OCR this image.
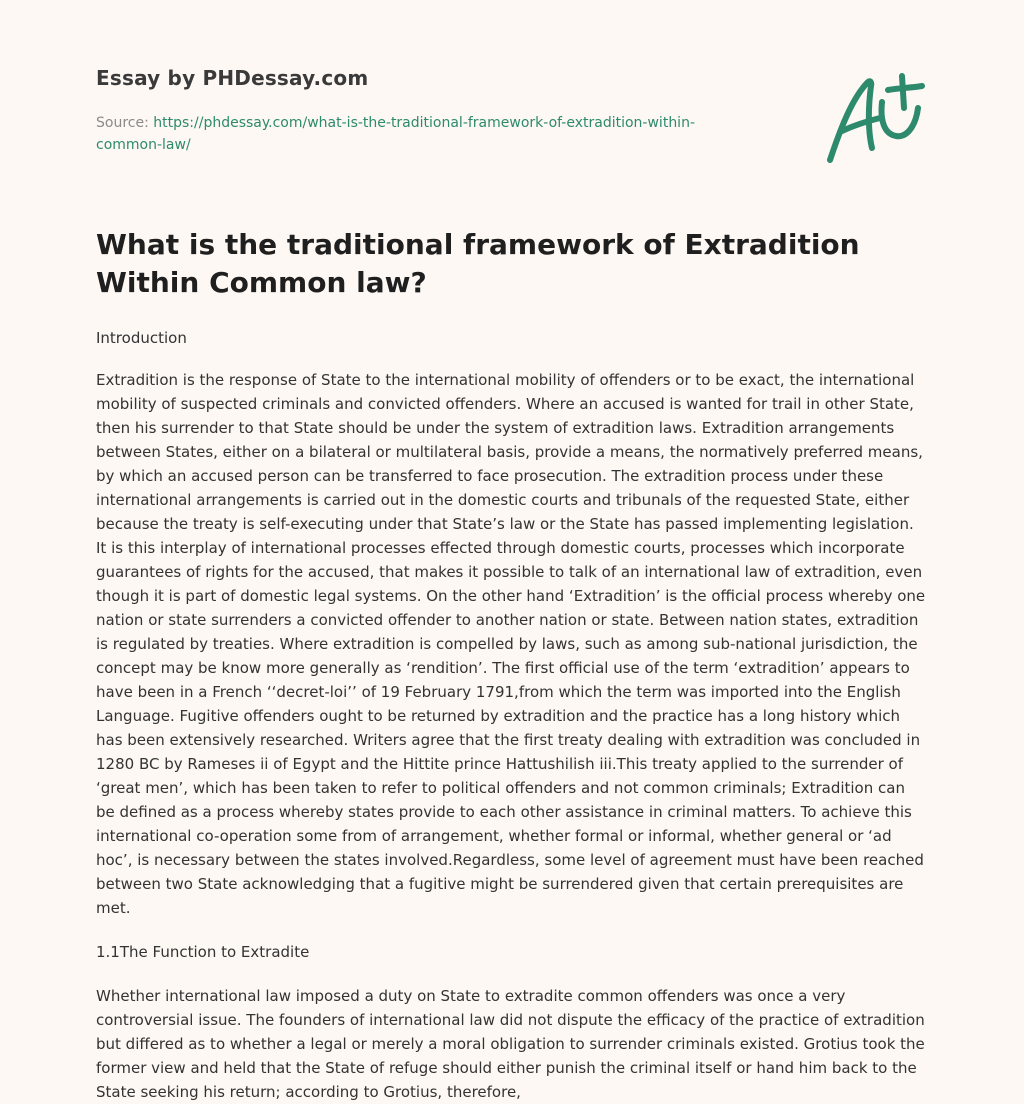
Essay by PHDessay.com
Source: https://phdessay.com/what-is-the-traditional-framework-of-extradition-within-common-law/
What is the traditional framework of Extradition Within Common law?

Introduction

Extradition is the response of State to the international mobility of offenders or to be exact, the international mobility of suspected criminals and convicted offenders. Where an accused is wanted for trail in other State, then his surrender to that State should be under the system of extradition laws. Extradition arrangements between States, either on a bilateral or multilateral basis, provide a means, the normatively preferred means, by which an accused person can be transferred to face prosecution. The extradition process under these international arrangements is carried out in the domestic courts and tribunals of the requested State, either because the treaty is self-executing under that State’s law or the State has passed implementing legislation. It is this interplay of international processes effected through domestic courts, processes which incorporate guarantees of rights for the accused, that makes it possible to talk of an international law of extradition, even though it is part of domestic legal systems. On the other hand ‘Extradition’ is the official process whereby one nation or state surrenders a convicted offender to another nation or state. Between nation states, extradition is regulated by treaties. Where extradition is compelled by laws, such as among sub-national jurisdiction, the concept may be know more generally as ‘rendition’. The first official use of the term ‘extradition’ appears to have been in a French ‘‘decret-loi’’ of 19 February 1791,from which the term was imported into the English Language. Fugitive offenders ought to be returned by extradition and the practice has a long history which has been extensively researched. Writers agree that the first treaty dealing with extradition was concluded in 1280 BC by Rameses ii of Egypt and the Hittite prince Hattushilish iii.This treaty applied to the surrender of ‘great men’, which has been taken to refer to political offenders and not common criminals; Extradition can be defined as a process whereby states provide to each other assistance in criminal matters. To achieve this international co-operation some from of arrangement, whether formal or informal, whether general or ‘ad hoc’, is necessary between the states involved.Regardless, some level of agreement must have been reached between two State acknowledging that a fugitive might be surrendered given that certain prerequisites are met.

1.1The Function to Extradite

Whether international law imposed a duty on State to extradite common offenders was once a very controversial issue. The founders of international law did not dispute the efficacy of the practice of extradition but differed as to whether a legal or merely a moral obligation to surrender criminals existed. Grotius took the former view and held that the State of refuge should either punish the criminal itself or hand him back to the State seeking his return; according to Grotius, therefore,
